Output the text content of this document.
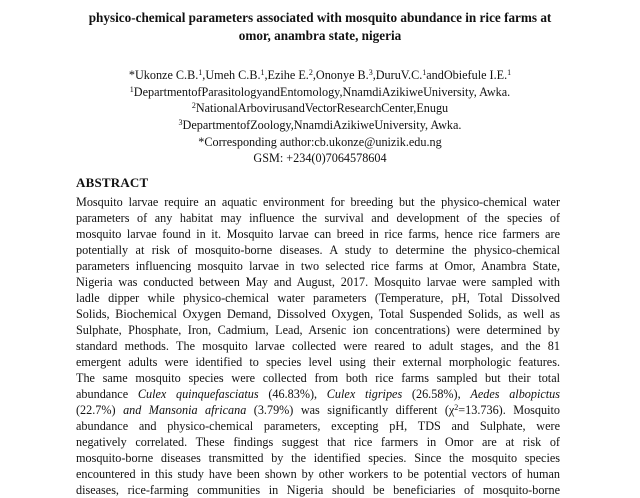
physico-chemical parameters associated with mosquito abundance in rice farms at
omor, anambra state, nigeria
*Ukonze C.B.$^1$,Umeh C.B.$^1$,Ezihe E.$^2$,Ononye B.$^3$,DuruV.C.$^1$andObiefule I.E.$^1$
$^1$DepartmentofParasitologyandEntomology,NnamdiAzikiweUniversity, Awka.
$^2$NationalArbovirusandVectorResearchCenter,Enugu
$^3$DepartmentofZoology,NnamdiAzikiweUniversity, Awka.
*Corresponding author:cb.ukonze@unizik.edu.ng
GSM: +234(0)7064578604
ABSTRACT
Mosquito larvae require an aquatic environment for breeding but the physico-chemical water
parameters of any habitat may influence the survival and development of the species of
mosquito larvae found in it. Mosquito larvae can breed in rice farms, hence rice farmers are
potentially at risk of mosquito-borne diseases. A study to determine the physico-chemical
parameters influencing mosquito larvae in two selected rice farms at Omor, Anambra State,
Nigeria was conducted between May and August, 2017. Mosquito larvae were sampled with
ladle dipper while physico-chemical water parameters (Temperature, pH, Total Dissolved
Solids, Biochemical Oxygen Demand, Dissolved Oxygen, Total Suspended Solids, as well as
Sulphate, Phosphate, Iron, Cadmium, Lead, Arsenic ion concentrations) were determined by
standard methods. The mosquito larvae collected were reared to adult stages, and the 81
emergent adults were identified to species level using their external morphologic features.
The same mosquito species were collected from both rice farms sampled but their total
abundance Culex quinquefasciatus (46.83%), Culex tigripes (26.58%), Aedes albopictus
(22.7%) and Mansonia africana (3.79%) was significantly different $(\chi^2=13.736)$. Mosquito
abundance and physico-chemical parameters, excepting pH, TDS and Sulphate, were
negatively correlated. These findings suggest that rice farmers in Omor are at risk of
mosquito-borne diseases transmitted by the identified species. Since the mosquito species
encountered in this study have been shown by other workers to be potential vectors of human
diseases, rice-farming communities in Nigeria should be beneficiaries of mosquito-borne
